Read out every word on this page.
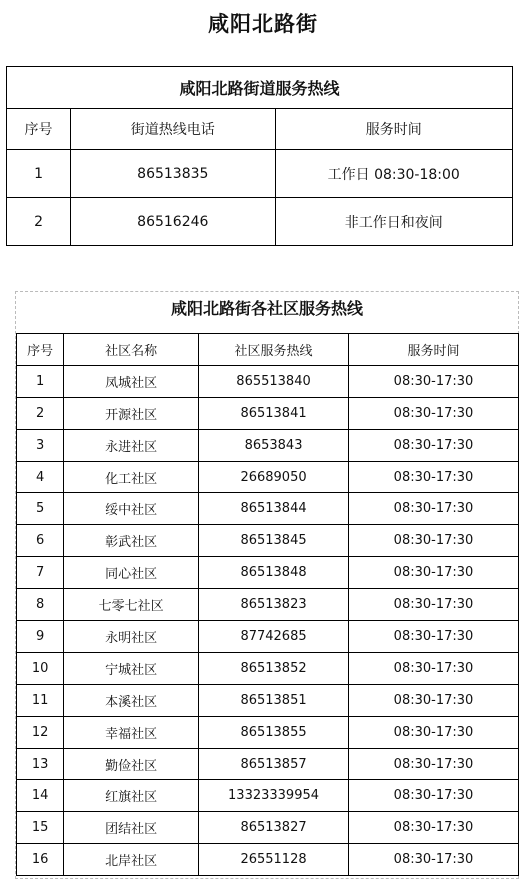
咸阳北路街
咸阳北路街道服务热线		
序号	街道热线电话	服务时间
1	86513835	工作日 08:30-18:00
2	86516246	非工作日和夜间
咸阳北路街各社区服务热线
序号	社区名称	社区服务热线	服务时间
1	凤城社区	865513840	08:30-17:30
2	开源社区	86513841	08:30-17:30
3	永进社区	8653843	08:30-17:30
4	化工社区	26689050	08:30-17:30
5	绥中社区	86513844	08:30-17:30
6	彰武社区	86513845	08:30-17:30
7	同心社区	86513848	08:30-17:30
8	七零七社区	86513823	08:30-17:30
9	永明社区	87742685	08:30-17:30
10	宁城社区	86513852	08:30-17:30
11	本溪社区	86513851	08:30-17:30
12	幸福社区	86513855	08:30-17:30
13	勤俭社区	86513857	08:30-17:30
14	红旗社区	13323339954	08:30-17:30
15	团结社区	86513827	08:30-17:30
16	北岸社区	26551128	08:30-17:30
